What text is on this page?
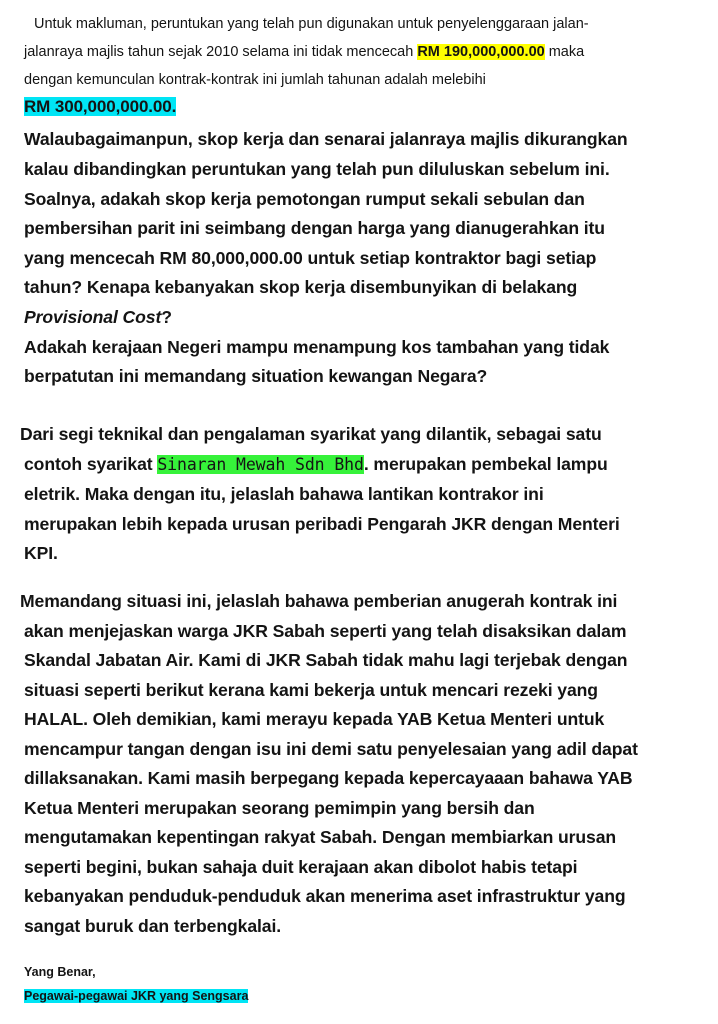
Untuk makluman, peruntukan yang telah pun digunakan untuk penyelenggaraan jalan-
jalanraya majlis tahun sejak 2010 selama ini tidak mencecah RM 190,000,000.00 maka
dengan kemunculan kontrak-kontrak ini jumlah tahunan adalah melebihi
RM 300,000,000.00.
Walaubagaimanpun, skop kerja dan senarai jalanraya majlis dikurangkan
kalau dibandingkan peruntukan yang telah pun diluluskan sebelum ini.
Soalnya, adakah skop kerja pemotongan rumput sekali sebulan dan
pembersihan parit ini seimbang dengan harga yang dianugerahkan itu
yang mencecah RM 80,000,000.00 untuk setiap kontraktor bagi setiap
tahun? Kenapa kebanyakan skop kerja disembunyikan di belakang
Provisional Cost?
Adakah kerajaan Negeri mampu menampung kos tambahan yang tidak
berpatutan ini memandang situation kewangan Negara?
Dari segi teknikal dan pengalaman syarikat yang dilantik, sebagai satu
contoh syarikat Sinaran Mewah Sdn Bhd. merupakan pembekal lampu
eletrik. Maka dengan itu, jelaslah bahawa lantikan kontrakor ini
merupakan lebih kepada urusan peribadi Pengarah JKR dengan Menteri
KPI.
Memandang situasi ini, jelaslah bahawa pemberian anugerah kontrak ini
akan menjejaskan warga JKR Sabah seperti yang telah disaksikan dalam
Skandal Jabatan Air. Kami di JKR Sabah tidak mahu lagi terjebak dengan
situasi seperti berikut kerana kami bekerja untuk mencari rezeki yang
HALAL. Oleh demikian, kami merayu kepada YAB Ketua Menteri untuk
mencampur tangan dengan isu ini demi satu penyelesaian yang adil dapat
dillaksanakan. Kami masih berpegang kepada kepercayaaan bahawa YAB
Ketua Menteri merupakan seorang pemimpin yang bersih dan
mengutamakan kepentingan rakyat Sabah. Dengan membiarkan urusan
seperti begini, bukan sahaja duit kerajaan akan dibolot habis tetapi
kebanyakan penduduk-penduduk akan menerima aset infrastruktur yang
sangat buruk dan terbengkalai.
Yang Benar,
Pegawai-pegawai JKR yang Sengsara
